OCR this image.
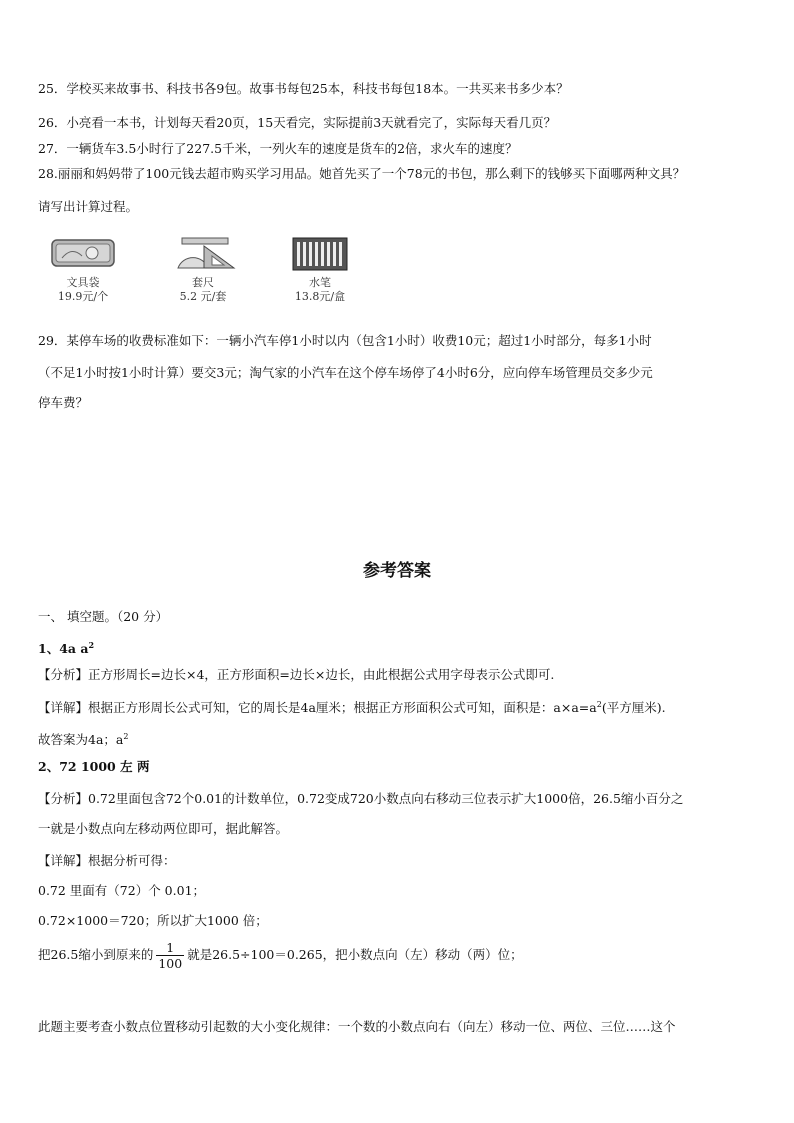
25．学校买来故事书、科技书各9包。故事书每包25本，科技书每包18本。一共买来书多少本？
26．小亮看一本书，计划每天看20页，15天看完，实际提前3天就看完了，实际每天看几页？
27．一辆货车3.5小时行了227.5千米，一列火车的速度是货车的2倍，求火车的速度？
28.丽丽和妈妈带了100元钱去超市购买学习用品。她首先买了一个78元的书包，那么剩下的钱够买下面哪两种文具？
请写出计算过程。
文具袋
19.9元/个
套尺
5.2 元/套
水笔
13.8元/盒
29．某停车场的收费标准如下：一辆小汽车停1小时以内（包含1小时）收费10元；超过1小时部分，每多1小时
（不足1小时按1小时计算）要交3元；淘气家的小汽车在这个停车场停了4小时6分，应向停车场管理员交多少元
停车费？
参考答案
一、 填空题。（20 分）
1、4a $a^2$
【分析】正方形周长=边长×4，正方形面积=边长×边长，由此根据公式用字母表示公式即可.
【详解】根据正方形周长公式可知，它的周长是4a厘米；根据正方形面积公式可知，面积是：$a\times a=a^2$(平方厘米).
故答案为4a；$a^2$
2、72 1000 左 两
【分析】0.72里面包含72个0.01的计数单位，0.72变成720小数点向右移动三位表示扩大1000倍，26.5缩小百分之
一就是小数点向左移动两位即可，据此解答。
【详解】根据分析可得：
0.72 里面有（72）个 0.01；
0.72×1000＝720；所以扩大1000 倍；
把26.5缩小到原来的 $\frac{1}{100}$ 就是26.5÷100＝0.265，把小数点向（左）移动（两）位；
此题主要考查小数点位置移动引起数的大小变化规律：一个数的小数点向右（向左）移动一位、两位、三位……这个
